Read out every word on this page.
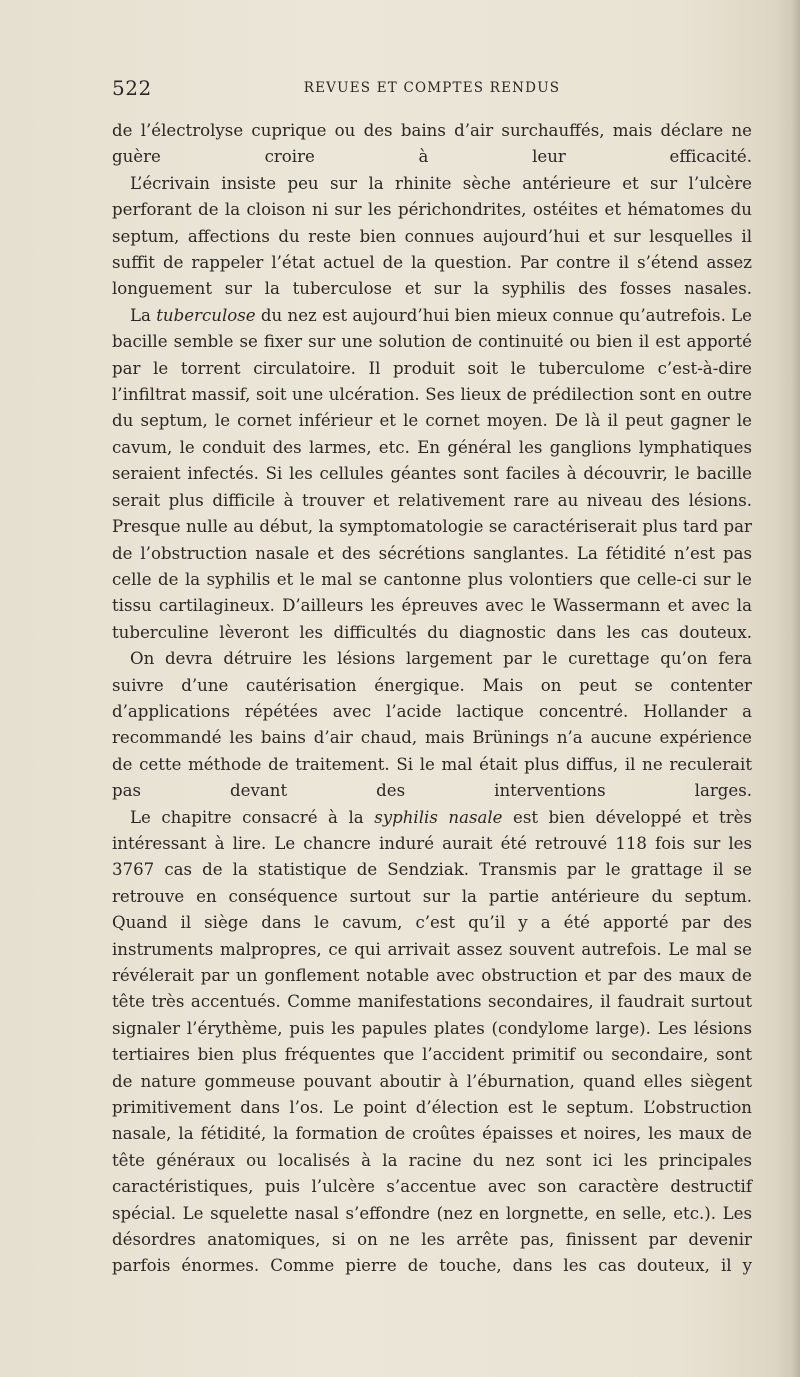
522	REVUES ET COMPTES RENDUS

de l’électrolyse cuprique ou des bains d’air surchauffés, mais déclare ne guère croire à leur efficacité.

L’écrivain insiste peu sur la rhinite sèche antérieure et sur l’ulcère perforant de la cloison ni sur les périchondrites, ostéites et hématomes du septum, affections du reste bien connues aujourd’hui et sur lesquelles il suffit de rappeler l’état actuel de la question. Par contre il s’étend assez longuement sur la tuberculose et sur la syphilis des fosses nasales.

La tuberculose du nez est aujourd’hui bien mieux connue qu’autrefois. Le bacille semble se fixer sur une solution de continuité ou bien il est apporté par le torrent circulatoire. Il produit soit le tuberculome c’est-à-dire l’infiltrat massif, soit une ulcération. Ses lieux de prédilection sont en outre du septum, le cornet inférieur et le cornet moyen. De là il peut gagner le cavum, le conduit des larmes, etc. En général les ganglions lymphatiques seraient infectés. Si les cellules géantes sont faciles à découvrir, le bacille serait plus difficile à trouver et relativement rare au niveau des lésions. Presque nulle au début, la symptomatologie se caractériserait plus tard par de l’obstruction nasale et des sécrétions sanglantes. La fétidité n’est pas celle de la syphilis et le mal se cantonne plus volontiers que celle-ci sur le tissu cartilagineux. D’ailleurs les épreuves avec le Wassermann et avec la tuberculine lèveront les difficultés du diagnostic dans les cas douteux.

On devra détruire les lésions largement par le curettage qu’on fera suivre d’une cautérisation énergique. Mais on peut se contenter d’applications répétées avec l’acide lactique concentré. Hollander a recommandé les bains d’air chaud, mais Brünings n’a aucune expérience de cette méthode de traitement. Si le mal était plus diffus, il ne reculerait pas devant des interventions larges.

Le chapitre consacré à la syphilis nasale est bien développé et très intéressant à lire. Le chancre induré aurait été retrouvé 118 fois sur les 3767 cas de la statistique de Sendziak. Transmis par le grattage il se retrouve en conséquence surtout sur la partie antérieure du septum. Quand il siège dans le cavum, c’est qu’il y a été apporté par des instruments malpropres, ce qui arrivait assez souvent autrefois. Le mal se révélerait par un gonflement notable avec obstruction et par des maux de tête très accentués. Comme manifestations secondaires, il faudrait surtout signaler l’érythème, puis les papules plates (condylome large). Les lésions tertiaires bien plus fréquentes que l’accident primitif ou secondaire, sont de nature gommeuse pouvant aboutir à l’éburnation, quand elles siègent primitivement dans l’os. Le point d’élection est le septum. L’obstruction nasale, la fétidité, la formation de croûtes épaisses et noires, les maux de tête généraux ou localisés à la racine du nez sont ici les principales caractéristiques, puis l’ulcère s’accentue avec son caractère destructif spécial. Le squelette nasal s’effondre (nez en lorgnette, en selle, etc.). Les désordres anatomiques, si on ne les arrête pas, finissent par devenir parfois énormes. Comme pierre de touche, dans les cas douteux, il y
